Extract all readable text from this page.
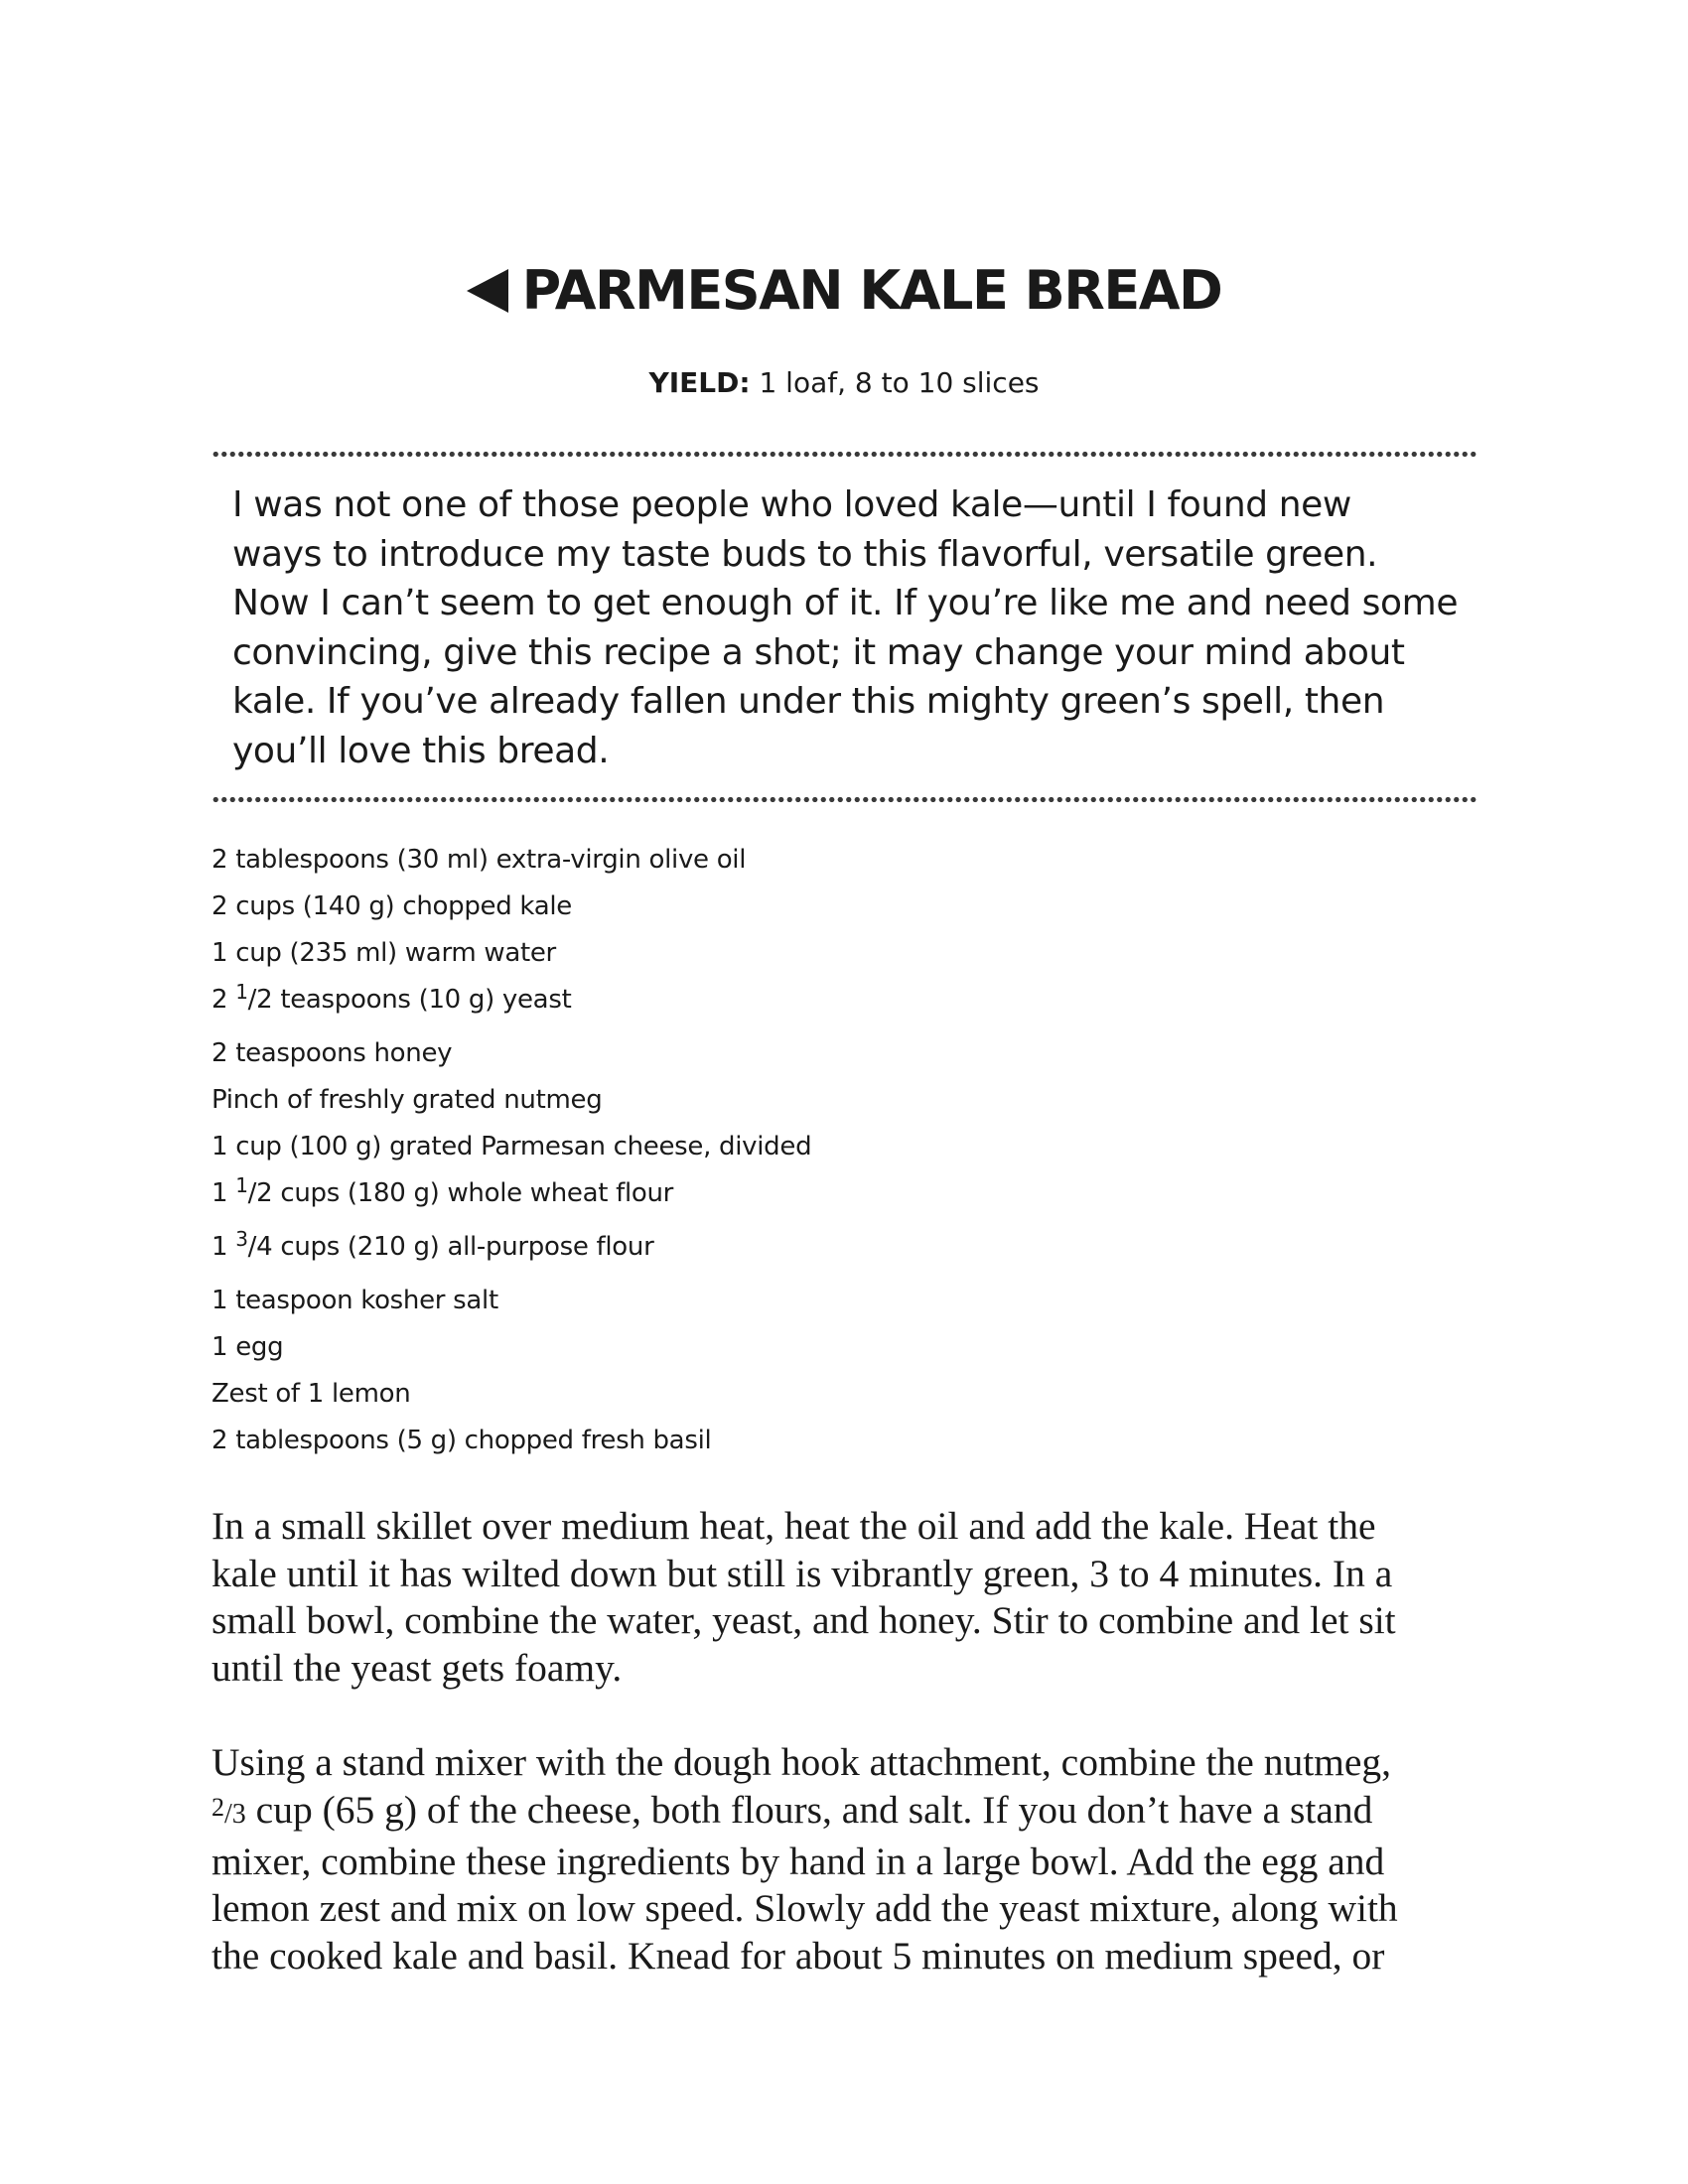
PARMESAN KALE BREAD
YIELD: 1 loaf, 8 to 10 slices
I was not one of those people who loved kale—until I found new
ways to introduce my taste buds to this flavorful, versatile green.
Now I can’t seem to get enough of it. If you’re like me and need some
convincing, give this recipe a shot; it may change your mind about
kale. If you’ve already fallen under this mighty green’s spell, then
you’ll love this bread.
2 tablespoons (30 ml) extra-virgin olive oil
2 cups (140 g) chopped kale
1 cup (235 ml) warm water
2 $^1$/2 teaspoons (10 g) yeast
2 teaspoons honey
Pinch of freshly grated nutmeg
1 cup (100 g) grated Parmesan cheese, divided
1 $^1$/2 cups (180 g) whole wheat flour
1 $^3$/4 cups (210 g) all-purpose flour
1 teaspoon kosher salt
1 egg
Zest of 1 lemon
2 tablespoons (5 g) chopped fresh basil

In a small skillet over medium heat, heat the oil and add the kale. Heat the
kale until it has wilted down but still is vibrantly green, 3 to 4 minutes. In a
small bowl, combine the water, yeast, and honey. Stir to combine and let sit
until the yeast gets foamy.

Using a stand mixer with the dough hook attachment, combine the nutmeg,
$^2$/3 cup (65 g) of the cheese, both flours, and salt. If you don’t have a stand
mixer, combine these ingredients by hand in a large bowl. Add the egg and
lemon zest and mix on low speed. Slowly add the yeast mixture, along with
the cooked kale and basil. Knead for about 5 minutes on medium speed, or
